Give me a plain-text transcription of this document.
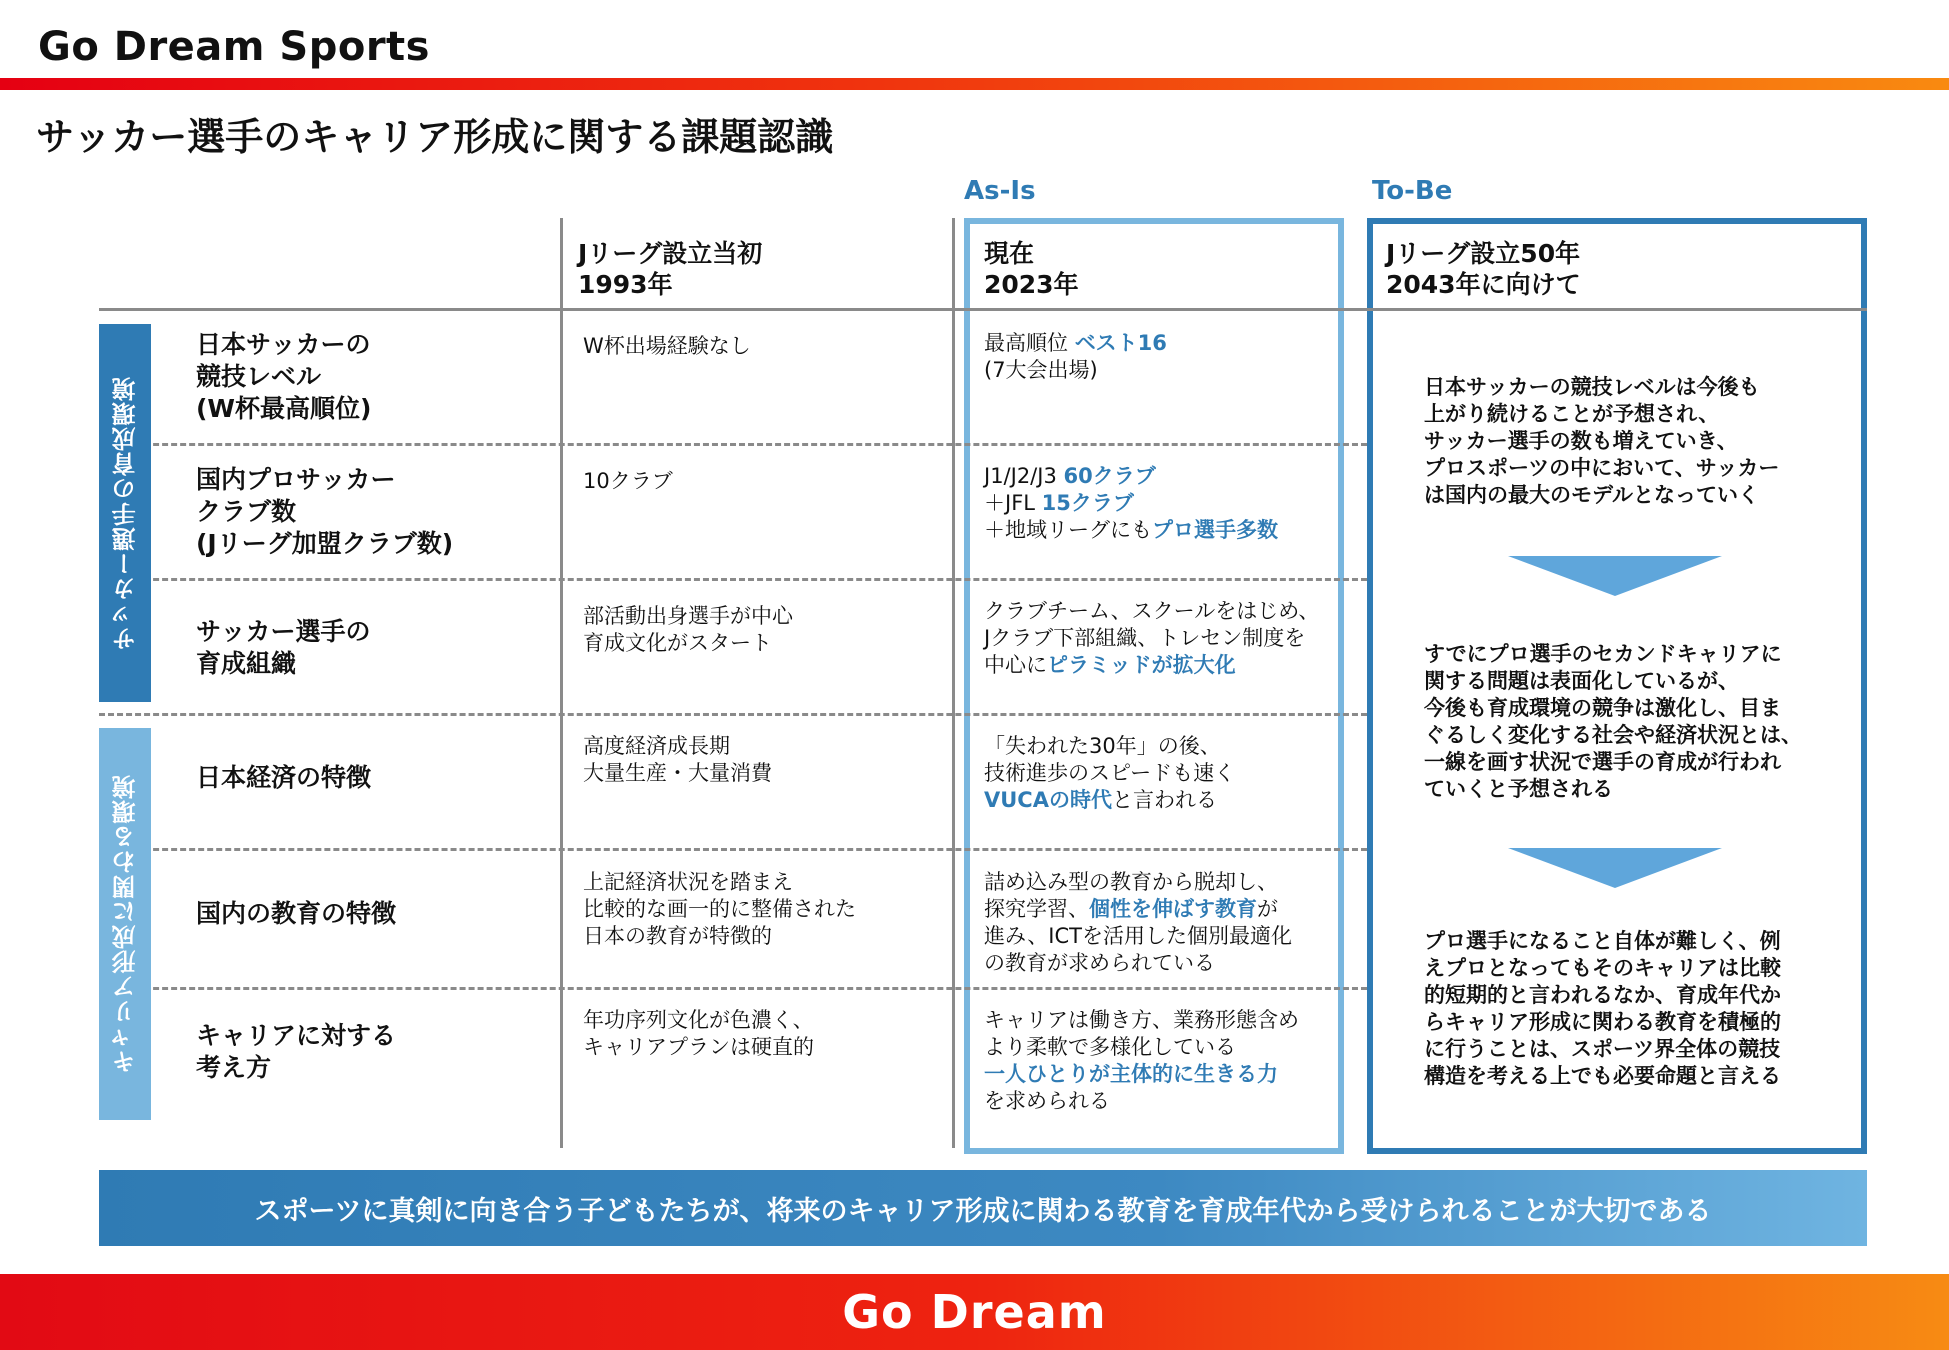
Go Dream Sports
サッカー選手のキャリア形成に関する課題認識
As-Is	To-Be
Jリーグ設立当初
1993年
現在
2023年
Jリーグ設立50年
2043年に向けて
サッカー選手の育成環境
キャリア形成に関わる環境
日本サッカーの
競技レベル
(W杯最高順位)
国内プロサッカー
クラブ数
(Jリーグ加盟クラブ数)
サッカー選手の
育成組織
日本経済の特徴
国内の教育の特徴
キャリアに対する
考え方
W杯出場経験なし
10クラブ
部活動出身選手が中心
育成文化がスタート
高度経済成長期
大量生産・大量消費
上記経済状況を踏まえ
比較的な画一的に整備された
日本の教育が特徴的
年功序列文化が色濃く、
キャリアプランは硬直的
最高順位 ベスト16
(7大会出場)
J1/J2/J3 60クラブ
＋JFL 15クラブ
＋地域リーグにもプロ選手多数
クラブチーム、スクールをはじめ、
Jクラブ下部組織、トレセン制度を
中心にピラミッドが拡大化
「失われた30年」の後、
技術進歩のスピードも速く
VUCAの時代と言われる
詰め込み型の教育から脱却し、
探究学習、個性を伸ばす教育が
進み、ICTを活用した個別最適化
の教育が求められている
キャリアは働き方、業務形態含め
より柔軟で多様化している
一人ひとりが主体的に生きる力
を求められる
日本サッカーの競技レベルは今後も
上がり続けることが予想され、
サッカー選手の数も増えていき、
プロスポーツの中において、サッカー
は国内の最大のモデルとなっていく
すでにプロ選手のセカンドキャリアに
関する問題は表面化しているが、
今後も育成環境の競争は激化し、目ま
ぐるしく変化する社会や経済状況とは、
一線を画す状況で選手の育成が行われ
ていくと予想される
プロ選手になること自体が難しく、例
えプロとなってもそのキャリアは比較
的短期的と言われるなか、育成年代か
らキャリア形成に関わる教育を積極的
に行うことは、スポーツ界全体の競技
構造を考える上でも必要命題と言える
スポーツに真剣に向き合う子どもたちが、将来のキャリア形成に関わる教育を育成年代から受けられることが大切である
Go Dream
